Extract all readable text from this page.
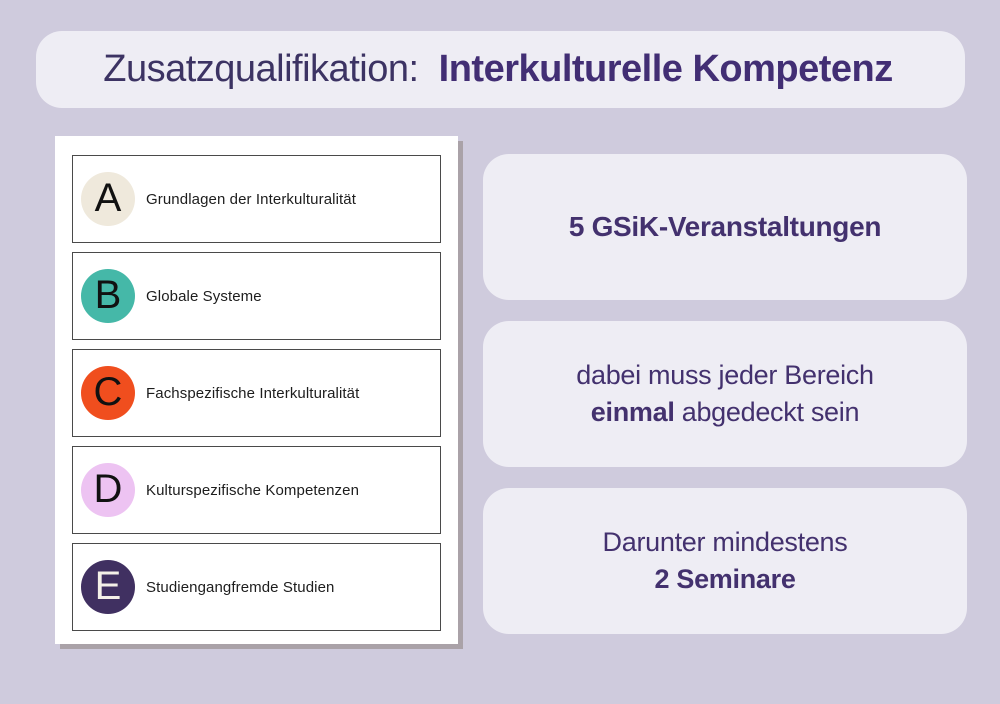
Zusatzqualifikation:  Interkulturelle Kompetenz

A	Grundlagen der Interkulturalität
B	Globale Systeme
C	Fachspezifische Interkulturalität
D	Kulturspezifische Kompetenzen
E	Studiengangfremde Studien
5 GSiK-Veranstaltungen
dabei muss jeder Bereich
einmal abgedeckt sein
Darunter mindestens
2 Seminare
